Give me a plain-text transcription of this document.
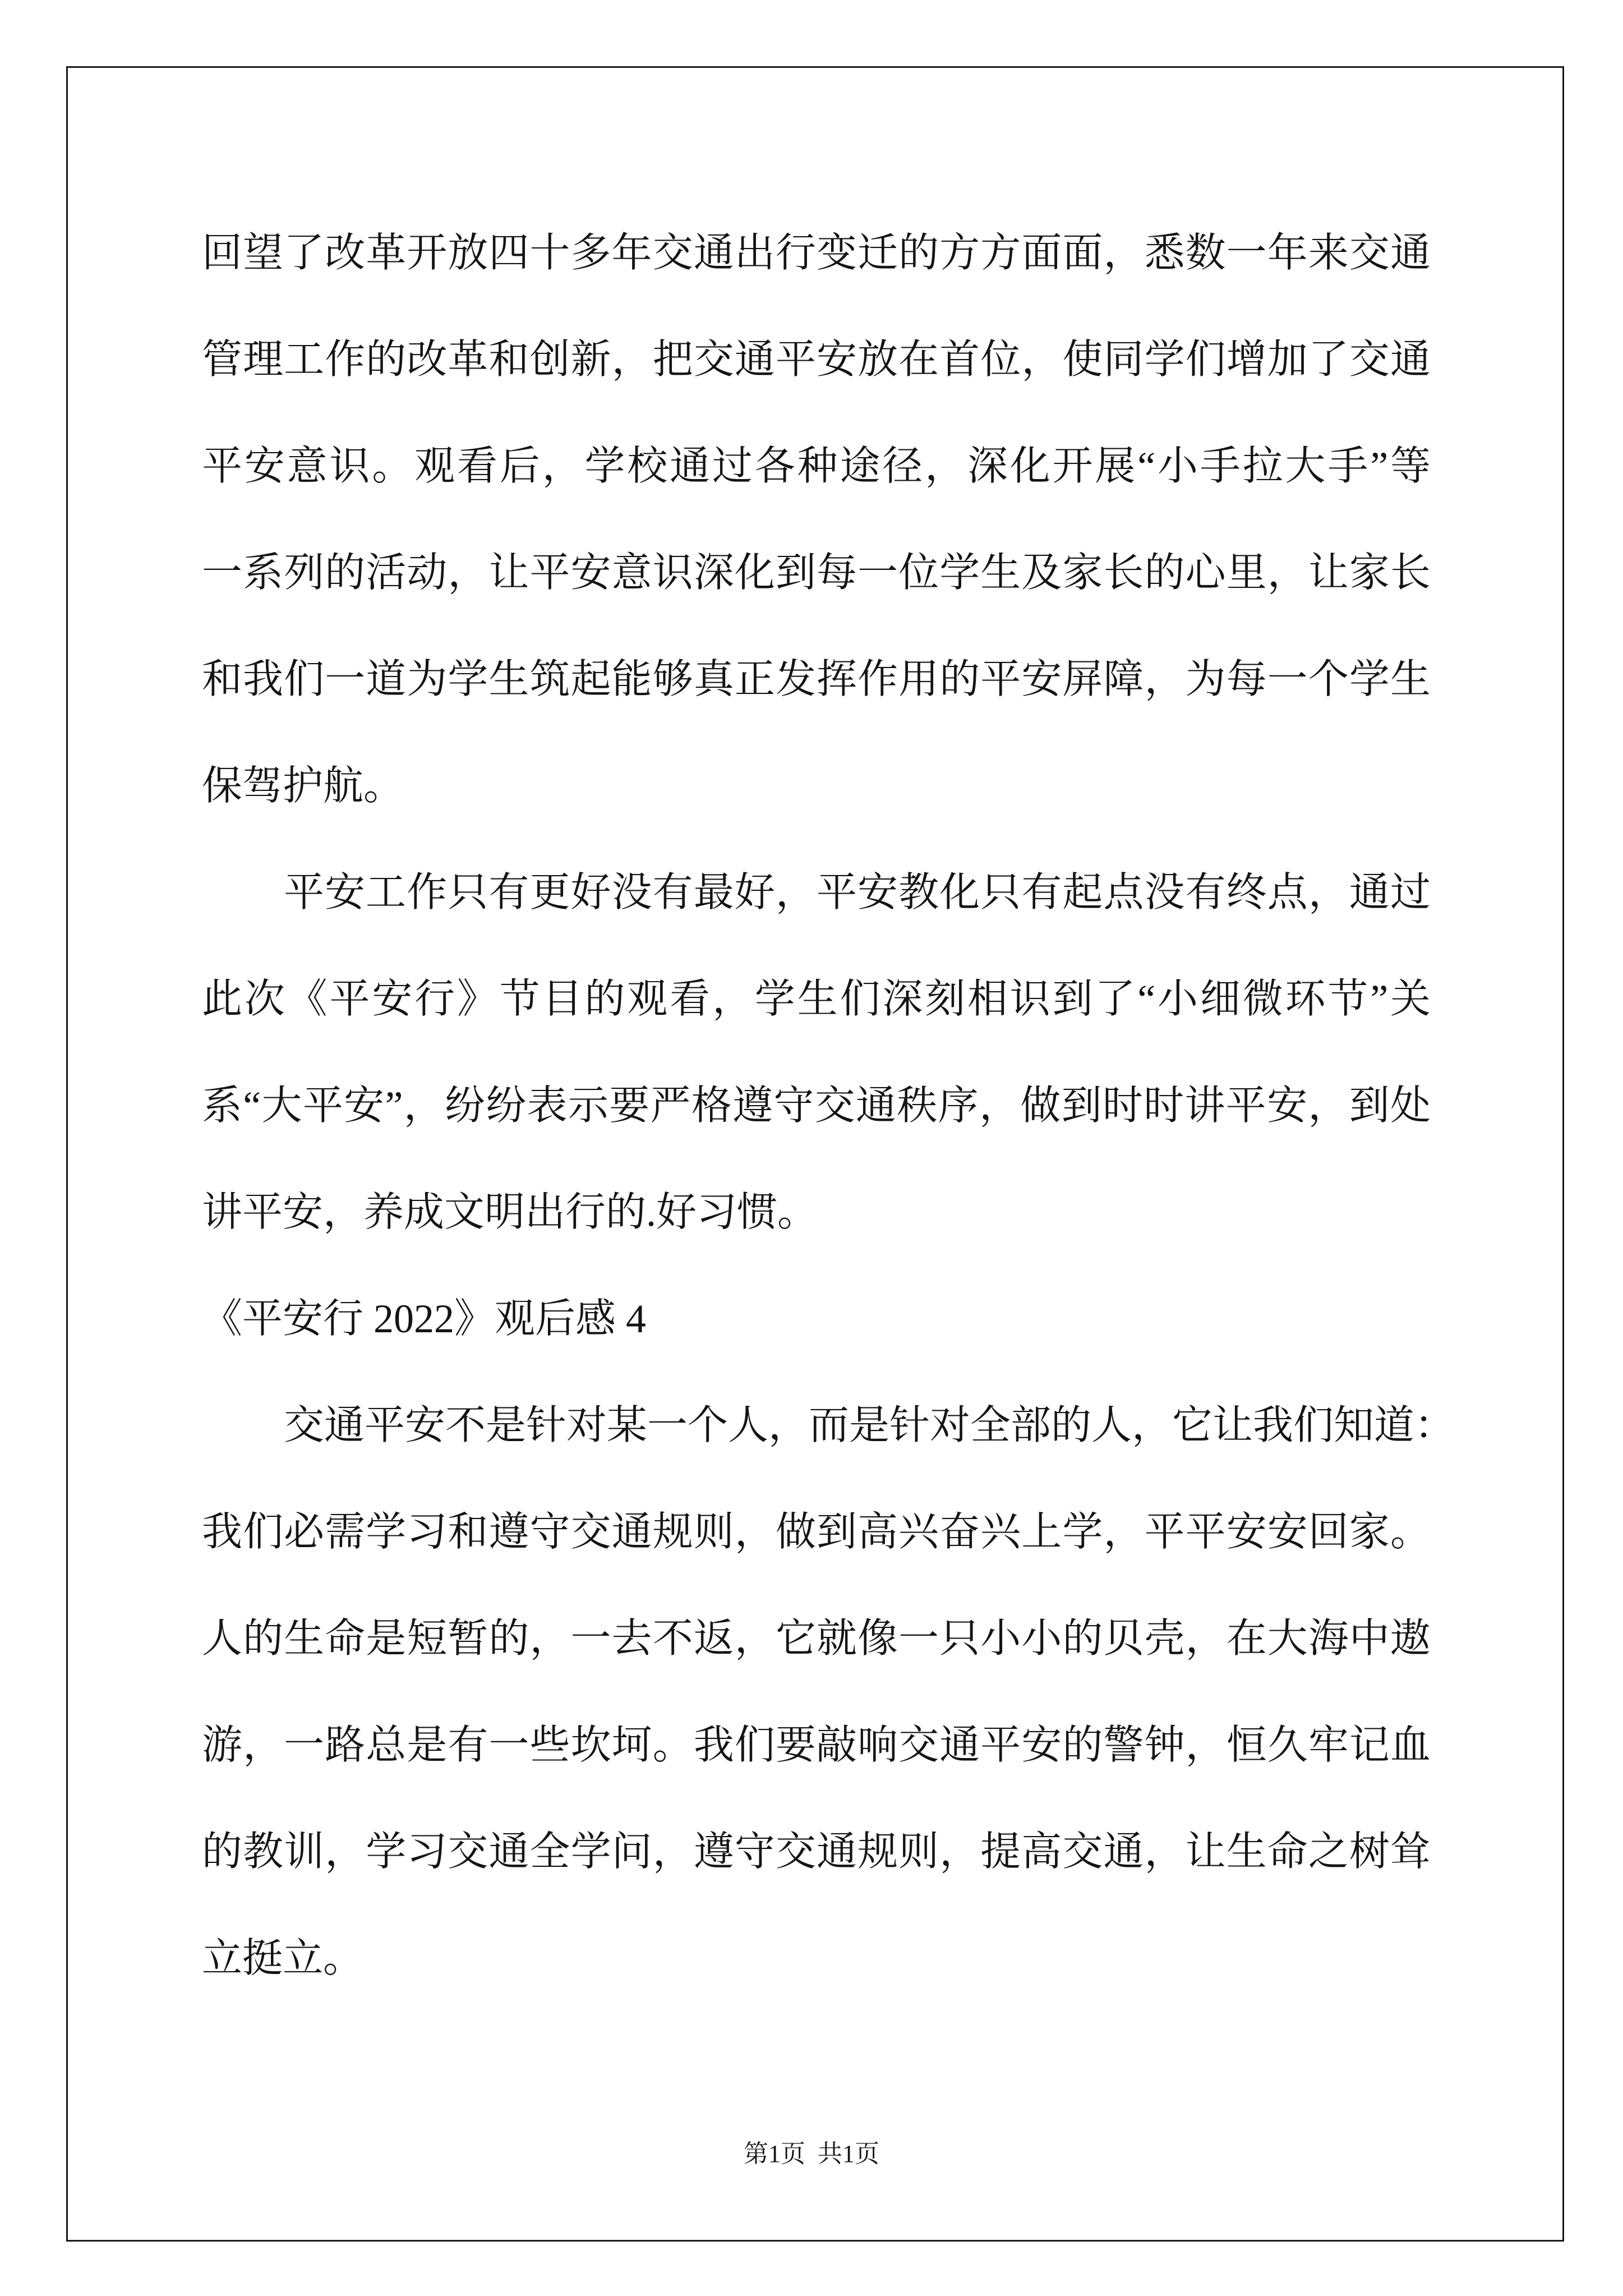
回望了改革开放四十多年交通出行变迁的方方面面，悉数一年来交通
管理工作的改革和创新，把交通平安放在首位，使同学们增加了交通
平安意识。观看后，学校通过各种途径，深化开展“小手拉大手”等
一系列的活动，让平安意识深化到每一位学生及家长的心里，让家长
和我们一道为学生筑起能够真正发挥作用的平安屏障，为每一个学生
保驾护航。
平安工作只有更好没有最好，平安教化只有起点没有终点，通过
此次《平安行》节目的观看，学生们深刻相识到了“小细微环节”关
系“大平安”，纷纷表示要严格遵守交通秩序，做到时时讲平安，到处
讲平安，养成文明出行的.好习惯。
《平安行 2022》观后感 4
交通平安不是针对某一个人，而是针对全部的人，它让我们知道：
我们必需学习和遵守交通规则，做到高兴奋兴上学，平平安安回家。
人的生命是短暂的，一去不返，它就像一只小小的贝壳，在大海中遨
游，一路总是有一些坎坷。我们要敲响交通平安的警钟，恒久牢记血
的教训，学习交通全学问，遵守交通规则，提高交通，让生命之树耸
立挺立。
第1页  共1页
